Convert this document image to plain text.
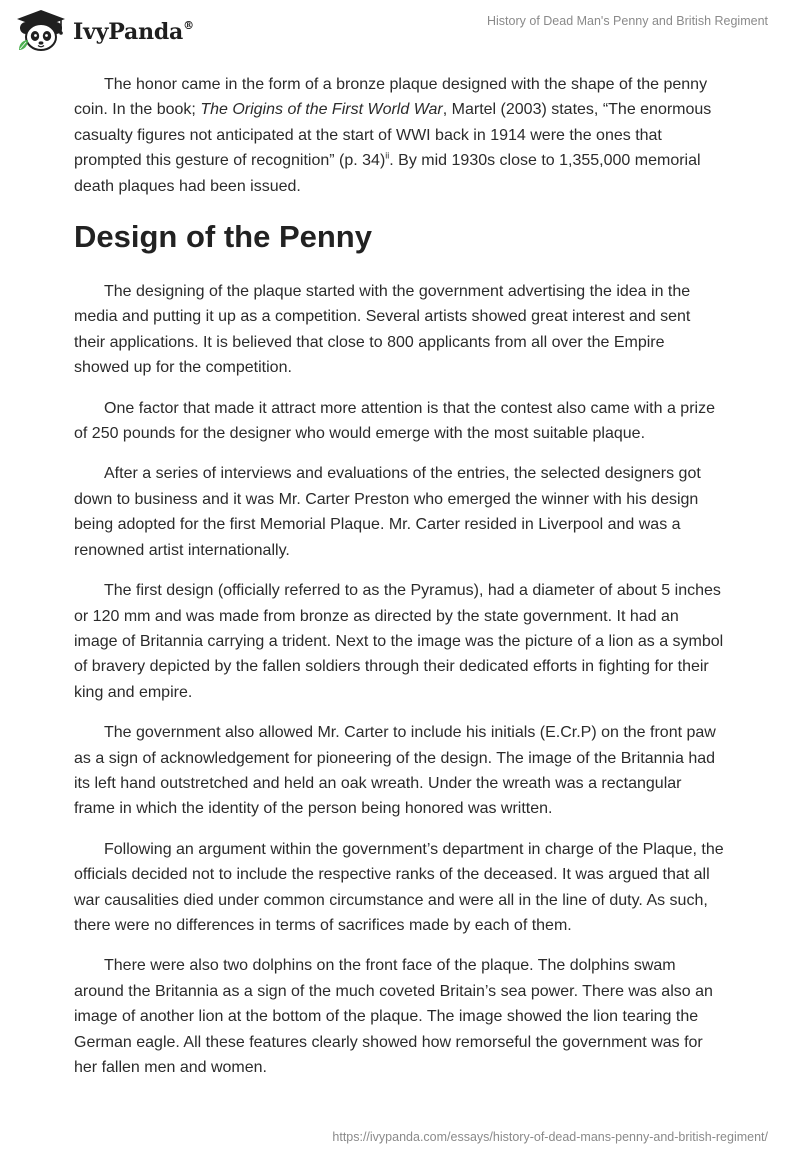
IvyPanda®	History of Dead Man's Penny and British Regiment

The honor came in the form of a bronze plaque designed with the shape of the penny coin. In the book; The Origins of the First World War, Martel (2003) states, “The enormous casualty figures not anticipated at the start of WWI back in 1914 were the ones that prompted this gesture of recognition” (p. 34)$^{ii}$. By mid 1930s close to 1,355,000 memorial death plaques had been issued.

Design of the Penny

The designing of the plaque started with the government advertising the idea in the media and putting it up as a competition. Several artists showed great interest and sent their applications. It is believed that close to 800 applicants from all over the Empire showed up for the competition.

One factor that made it attract more attention is that the contest also came with a prize of 250 pounds for the designer who would emerge with the most suitable plaque.

After a series of interviews and evaluations of the entries, the selected designers got down to business and it was Mr. Carter Preston who emerged the winner with his design being adopted for the first Memorial Plaque. Mr. Carter resided in Liverpool and was a renowned artist internationally.

The first design (officially referred to as the Pyramus), had a diameter of about 5 inches or 120 mm and was made from bronze as directed by the state government. It had an image of Britannia carrying a trident. Next to the image was the picture of a lion as a symbol of bravery depicted by the fallen soldiers through their dedicated efforts in fighting for their king and empire.

The government also allowed Mr. Carter to include his initials (E.Cr.P) on the front paw as a sign of acknowledgement for pioneering of the design. The image of the Britannia had its left hand outstretched and held an oak wreath. Under the wreath was a rectangular frame in which the identity of the person being honored was written.

Following an argument within the government’s department in charge of the Plaque, the officials decided not to include the respective ranks of the deceased. It was argued that all war causalities died under common circumstance and were all in the line of duty. As such, there were no differences in terms of sacrifices made by each of them.

There were also two dolphins on the front face of the plaque. The dolphins swam around the Britannia as a sign of the much coveted Britain’s sea power. There was also an image of another lion at the bottom of the plaque. The image showed the lion tearing the German eagle. All these features clearly showed how remorseful the government was for her fallen men and women.

https://ivypanda.com/essays/history-of-dead-mans-penny-and-british-regiment/
